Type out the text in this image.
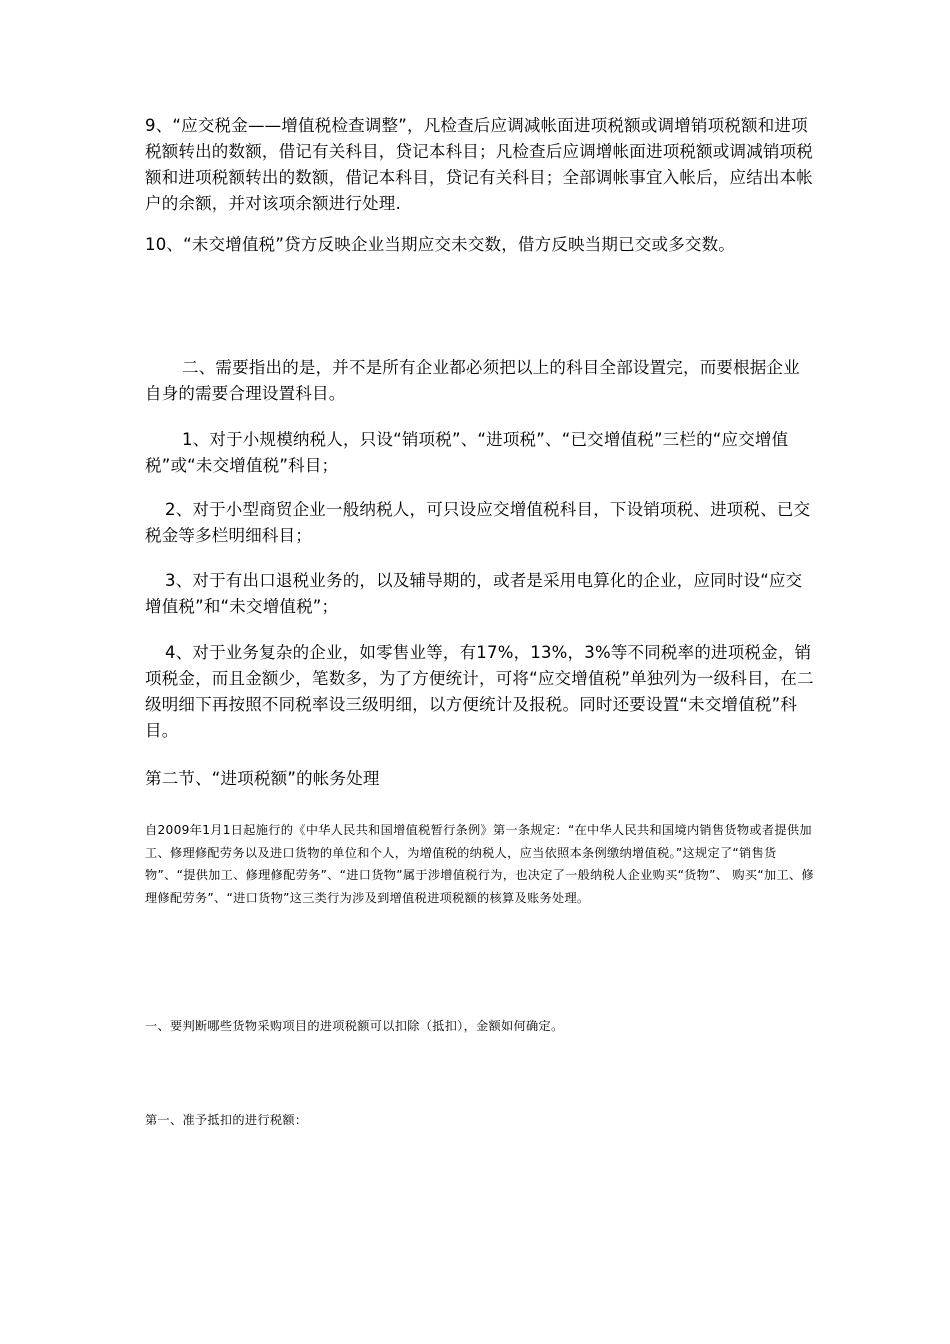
9、“应交税金——增值税检查调整”，凡检查后应调减帐面进项税额或调增销项税额和进项税额转出的数额，借记有关科目，贷记本科目；凡检查后应调增帐面进项税额或调减销项税额和进项税额转出的数额，借记本科目，贷记有关科目；全部调帐事宜入帐后，应结出本帐户的余额，并对该项余额进行处理.

10、“未交增值税”贷方反映企业当期应交未交数，借方反映当期已交或多交数。

二、需要指出的是，并不是所有企业都必须把以上的科目全部设置完，而要根据企业自身的需要合理设置科目。

1、对于小规模纳税人，只设“销项税”、“进项税”、“已交增值税”三栏的“应交增值税”或“未交增值税”科目；

2、对于小型商贸企业一般纳税人，可只设应交增值税科目，下设销项税、进项税、已交税金等多栏明细科目；

3、对于有出口退税业务的，以及辅导期的，或者是采用电算化的企业，应同时设“应交增值税”和“未交增值税”；

4、对于业务复杂的企业，如零售业等，有17%，13%，3%等不同税率的进项税金，销项税金，而且金额少，笔数多，为了方便统计，可将“应交增值税”单独列为一级科目，在二级明细下再按照不同税率设三级明细，以方便统计及报税。同时还要设置“未交增值税”科目。

第二节、“进项税额”的帐务处理

自2009年1月1日起施行的《中华人民共和国增值税暂行条例》第一条规定：“在中华人民共和国境内销售货物或者提供加工、修理修配劳务以及进口货物的单位和个人，为增值税的纳税人，应当依照本条例缴纳增值税。”这规定了“销售货物”、“提供加工、修理修配劳务”、“进口货物”属于涉增值税行为，也决定了一般纳税人企业购买“货物”、 购买“加工、修理修配劳务”、“进口货物”这三类行为涉及到增值税进项税额的核算及账务处理。

一、要判断哪些货物采购项目的进项税额可以扣除（抵扣），金额如何确定。

第一、准予抵扣的进行税额：
